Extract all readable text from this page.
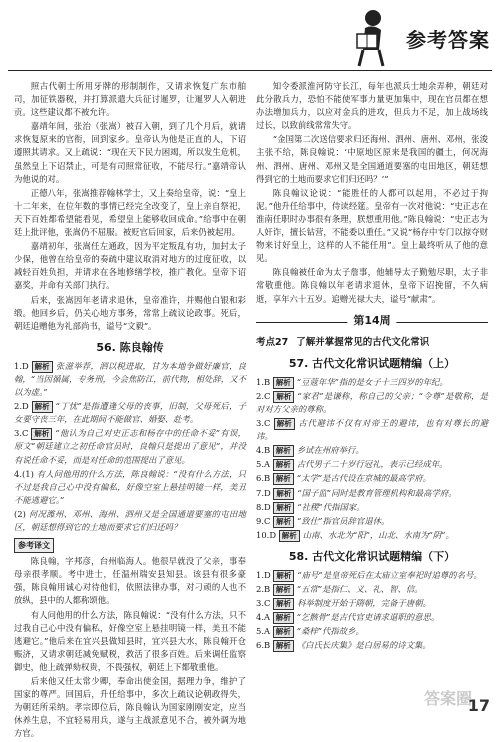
参考答案

照古代朝士所用牙牌的形制制作，又请求恢复广东市舶司，加征铁器税，并打算派遣大兵征讨暹罗，让暹罗人入朝进贡。这些建议都不被允许。

嘉靖年间，张治（张嵩）被召入朝，到了几个月后，就请求恢复原来的官衔，回到家乡。皇帝认为他是正直的人，下诏遵照其请求。又上疏说：“现在天下民力困竭，所以发生危机，虽然皇上下诏禁止，可是有司照常征收，不能尽行。”嘉靖帝认为他说的对。

正德八年，张嵩推荐翰林学士，又上奏给皇帝，说：“皇上十二年来，在位年数的事情已经完全改变了，皇上亲自祭祀，天下百姓都希望能看见，希望皇上能够收回成命。”给事中在朝廷上批评他，张嵩仍不屈服。被贬官后回家，后来仍被起用。

嘉靖初年，张嵩任左通政，因为平定叛乱有功，加封太子少保，他曾在给皇帝的奏疏中建议取消对地方的过度征收，以减轻百姓负担，并请求在各地修缮学校，推广教化。皇帝下诏嘉奖，并命有关部门执行。

后来，张嵩因年老请求退休，皇帝准许，并赐他白银和彩缎。他回乡后，仍关心地方事务，常常上疏议论政事。死后，朝廷追赠他为礼部尚书，谥号“文毅”。

56. 陈良翰传
1.D 解析 张滋举荐，泗以税进取，甘为本地争做好廉官，良翰，“当因循属，专务刑，今会焦防江，前代物，相处辞，又不以为虚。”
2.D 解析 “丁忧”是指遭逢父母的丧事，旧制，父母死后，子女要守丧三年，在此期间不能做官、婚娶、赴考。
3.C 解析 “他认为自己对史正志和杨存中的任命不妥”有误，原文“朝廷建立之初任命官员时，良翰只是提出了意见”，并没有说任命不妥，而是对任命的范围提出了意见。
4.(1) 有人问他用的什么方法，陈良翰说：“没有什么方法，只不过是我自己心中没有偏私，好像空室上悬挂明镜一样，美丑不能逃避它。”
(2) 何况潍州、邓州、海州、泗州又是全国通道要塞的屯田地区，朝廷想得到它的土地而要求它们归还吗？
参考译文

陈良翰，字邦彦，台州临海人。他很早就没了父亲，事奉母亲很孝顺。考中进士，任温州瑞安县知县。该县有很多豪强，陈良翰用诚心对待他们，依照法律办事，对刁顽的人也不放纵，县中的人都称颂他。

有人问他用的什么方法，陈良翰说：“没有什么方法，只不过我自己心中没有偏私，好像空室上悬挂明镜一样，美丑不能逃避它。”他后来在宜兴县做知县时，宜兴县大水，陈良翰开仓赈济，又请求朝廷减免赋税，救活了很多百姓。后来调任监察御史，他上疏弹劾权贵，不畏强权，朝廷上下都敬重他。

后来他又任太常少卿，奉命出使金国，据理力争，维护了国家的尊严。回国后，升任给事中，多次上疏议论朝政得失，为朝廷所采纳。孝宗即位后，陈良翰认为国家刚刚安定，应当休养生息，不宜轻易用兵，遂与主战派意见不合，被外调为地方官。

知令委派淮河防守长江，每年也派兵士地余弄种，朝廷对此分散兵力，恐怕不能使军事力量更加集中，现在官员都在想办法增加兵力，以应对金兵的进攻，但兵力不足，加上战场线过长，以致前线常常失守。

“金国第二次送信要求归还海州、泗州、唐州、邓州，张浚主张不给，陈良翰说：‘中原地区原来是我国的疆土，何况海州、泗州、唐州、邓州又是全国通道要塞的屯田地区，朝廷想得到它的土地而要求它们归还吗？’”

陈良翰议论说：“能胜任的人都可以起用，不必过于拘泥。”他升任给事中，侍读经筵。皇帝有一次对他说：“史正志在淮南任职时办事很有条理，朕想重用他。”陈良翰说：“史正志为人奸诈，擅长钻营，不能委以重任。”又说“杨存中专门以掠夺财物来讨好皇上，这样的人不能任用”。皇上最终听从了他的意见。

陈良翰被任命为太子詹事，他辅导太子勤勉尽职，太子非常敬重他。陈良翰以年老请求退休，皇帝下诏挽留，不久病逝，享年六十五岁。追赠光禄大夫，谥号“献肃”。

第14周
考点27 了解并掌握常见的古代文化常识
57. 古代文化常识试题精编（上）
1.B 解析 “豆蔻年华”指的是女子十三四岁的年纪。
2.C 解析 “家君”是谦称，称自己的父亲；“令尊”是敬称，是对对方父亲的尊称。
3.C 解析 古代避讳不仅有对帝王的避讳，也有对尊长的避讳。
4.B 解析 乡试在州府举行。
5.A 解析 古代男子二十岁行冠礼，表示已经成年。
6.B 解析 “太学”是古代设在京城的最高学府。
7.D 解析 “国子监”同时是教育管理机构和最高学府。
8.D 解析 “社稷”代指国家。
9.C 解析 “致仕”指官员辞官退休。
10.D 解析 山南、水北为“阳”，山北、水南为“阴”。
58. 古代文化常识试题精编（下）
1.D 解析 “庙号”是皇帝死后在太庙立室奉祀时追尊的名号。
2.B 解析 “五常”是指仁、义、礼、智、信。
3.C 解析 科举制度开始于隋朝，完备于唐朝。
4.A 解析 “乞骸骨”是古代官吏请求退职的意思。
5.A 解析 “桑梓”代指故乡。
6.B 解析 《白氏长庆集》是白居易的诗文集。
答案圈
17
